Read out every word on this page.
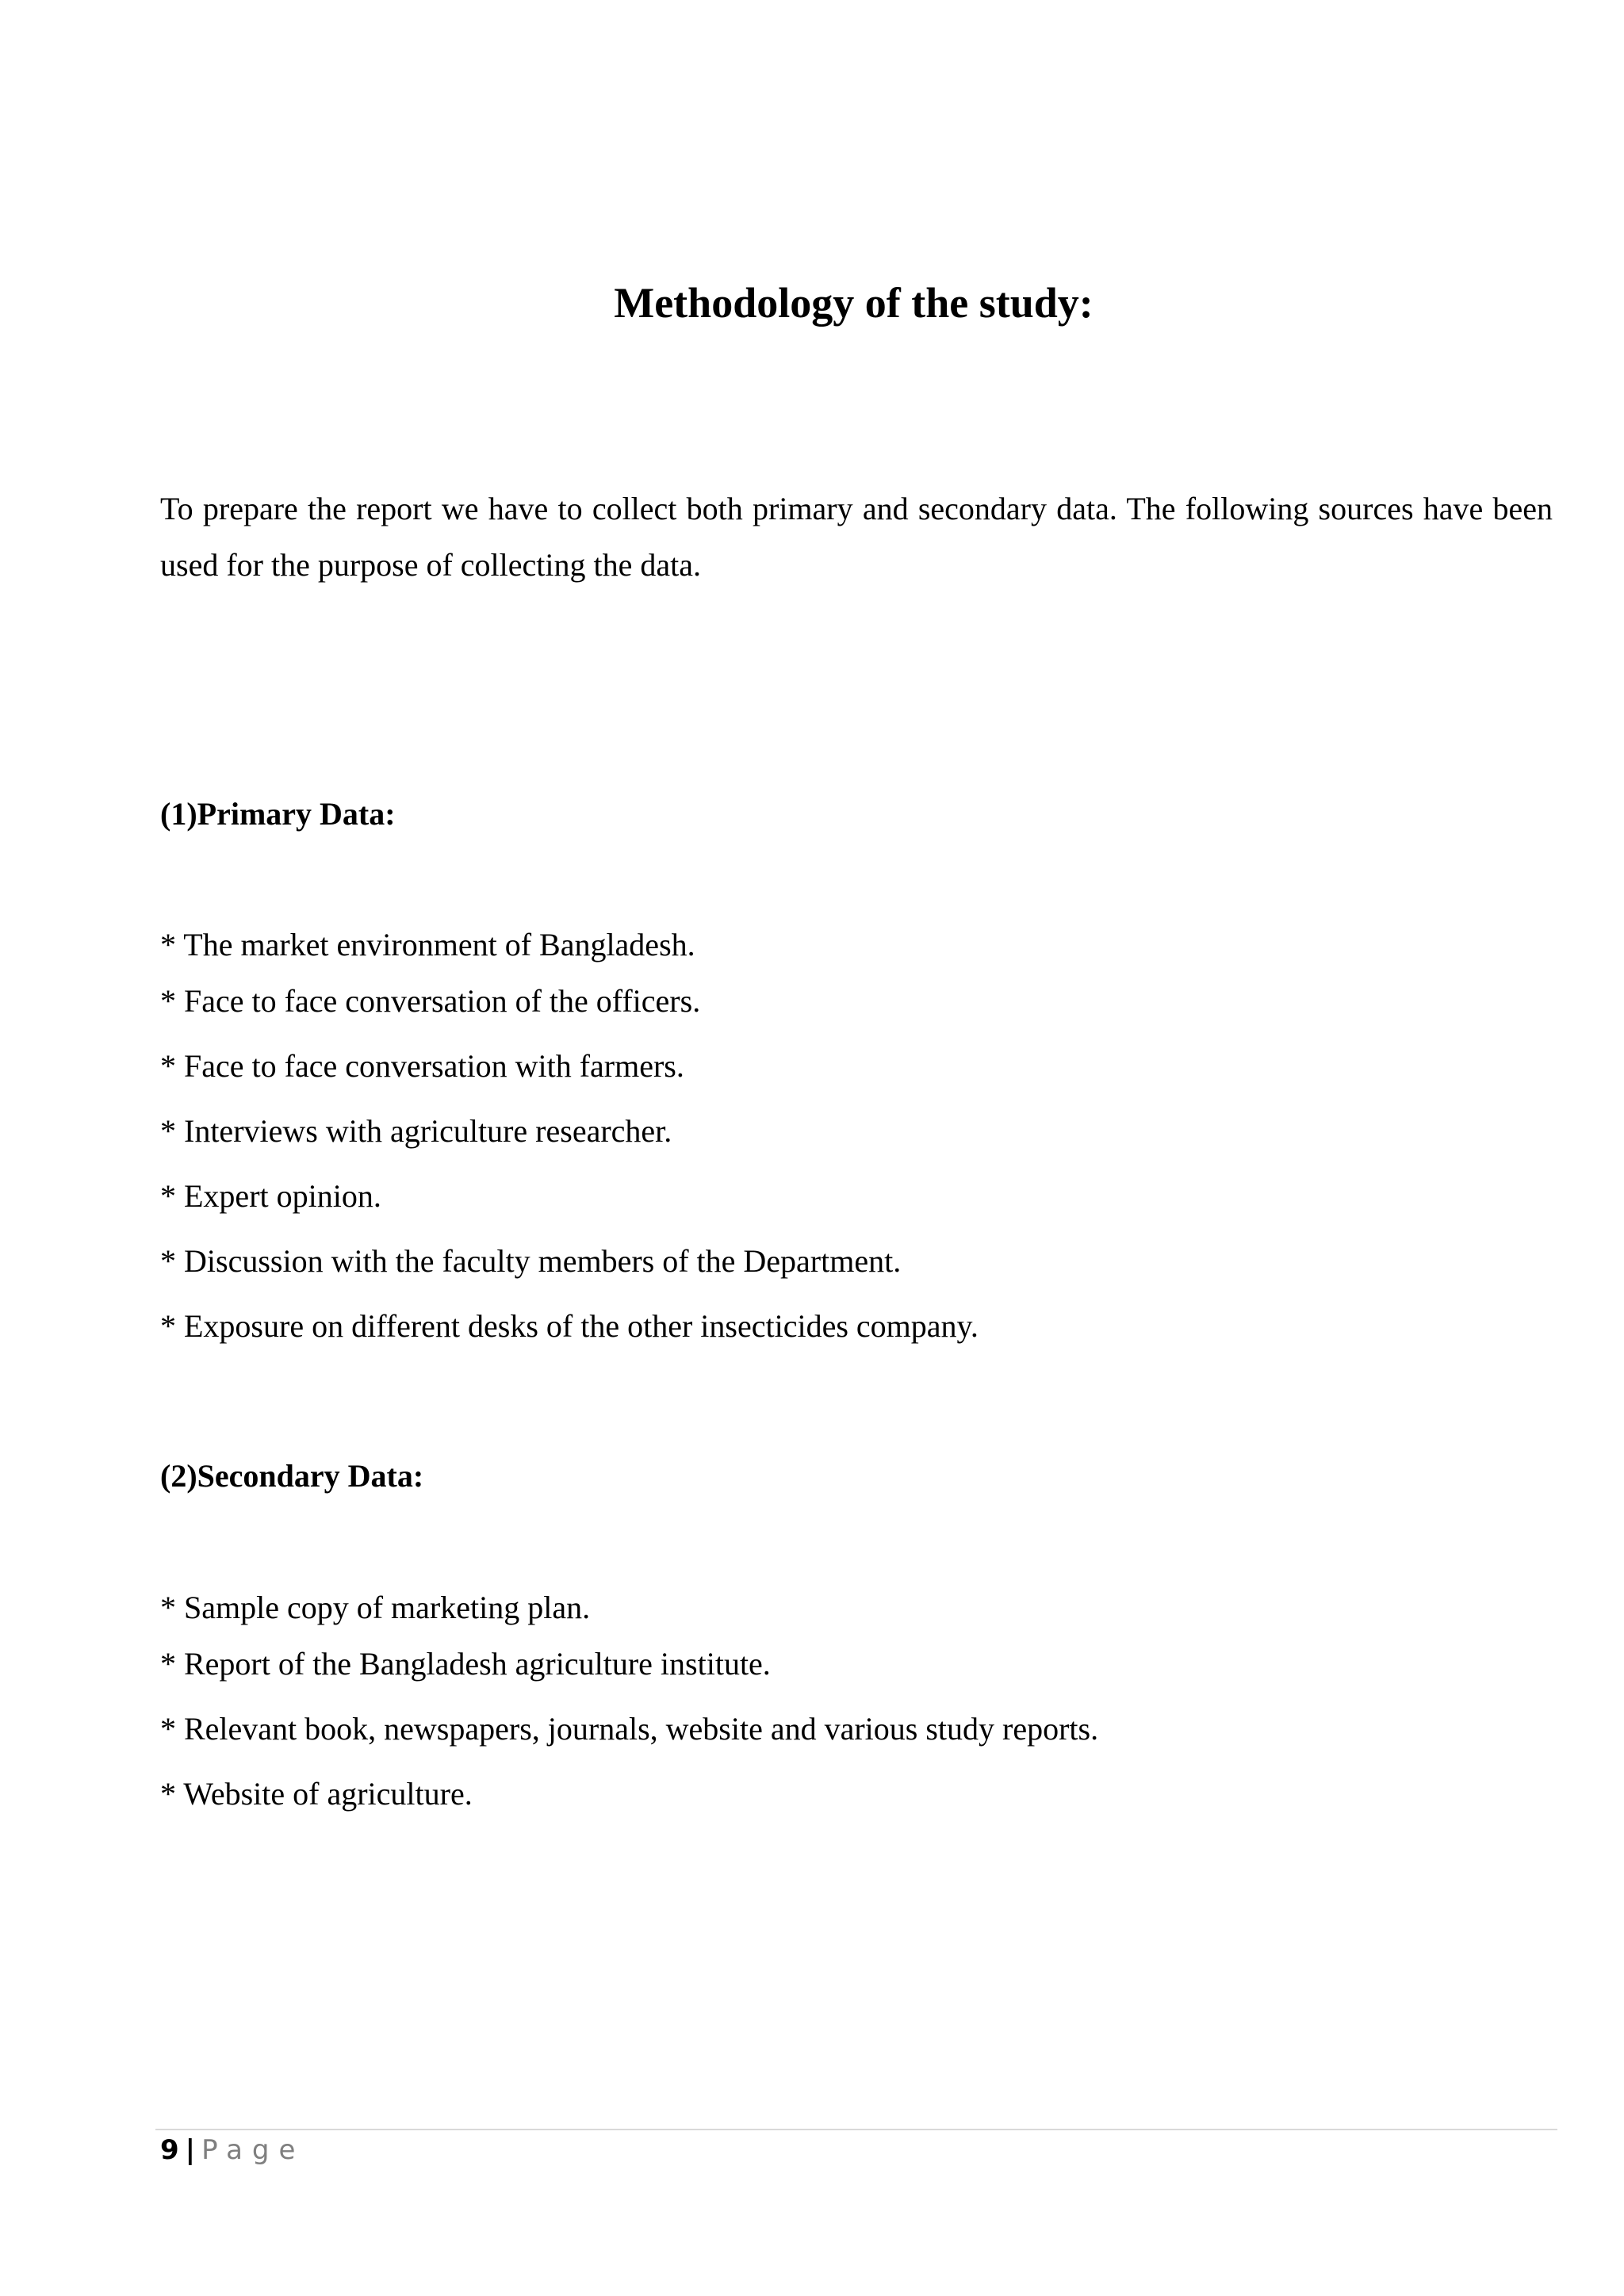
Methodology of the study:

To prepare the report we have to collect both primary and secondary data. The following sources have been used for the purpose of collecting the data.

(1)Primary Data:
* The market environment of Bangladesh.
* Face to face conversation of the officers.
* Face to face conversation with farmers.
* Interviews with agriculture researcher.
* Expert opinion.
* Discussion with the faculty members of the Department.
* Exposure on different desks of the other insecticides company.
(2)Secondary Data:
* Sample copy of marketing plan.
* Report of the Bangladesh agriculture institute.
* Relevant book, newspapers, journals, website and various study reports.
* Website of agriculture.
9 | Page
